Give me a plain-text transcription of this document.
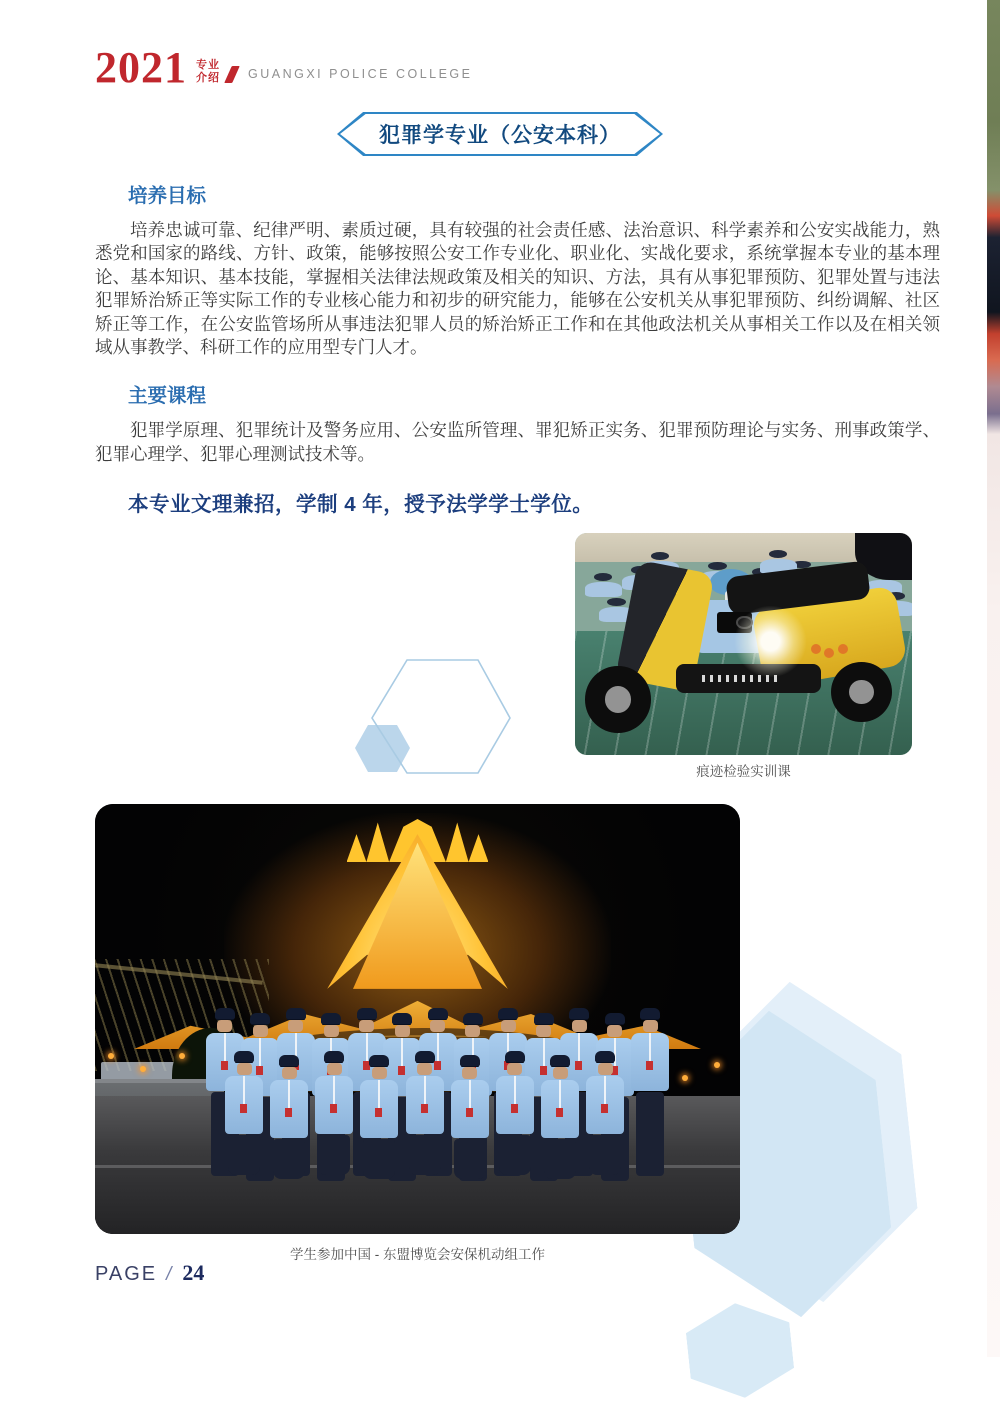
2021 专业
介绍 GUANGXI POLICE COLLEGE
犯罪学专业（公安本科）
培养目标

培养忠诚可靠、纪律严明、素质过硬，具有较强的社会责任感、法治意识、科学素养和公安实战能力，熟悉党和国家的路线、方针、政策，能够按照公安工作专业化、职业化、实战化要求，系统掌握本专业的基本理论、基本知识、基本技能，掌握相关法律法规政策及相关的知识、方法，具有从事犯罪预防、犯罪处置与违法犯罪矫治矫正等实际工作的专业核心能力和初步的研究能力，能够在公安机关从事犯罪预防、纠纷调解、社区矫正等工作，在公安监管场所从事违法犯罪人员的矫治矫正工作和在其他政法机关从事相关工作以及在相关领域从事教学、科研工作的应用型专门人才。

主要课程

犯罪学原理、犯罪统计及警务应用、公安监所管理、罪犯矫正实务、犯罪预防理论与实务、刑事政策学、犯罪心理学、犯罪心理测试技术等。

本专业文理兼招，学制 4 年，授予法学学士学位。

痕迹检验实训课
学生参加中国 - 东盟博览会安保机动组工作
PAGE / 24
